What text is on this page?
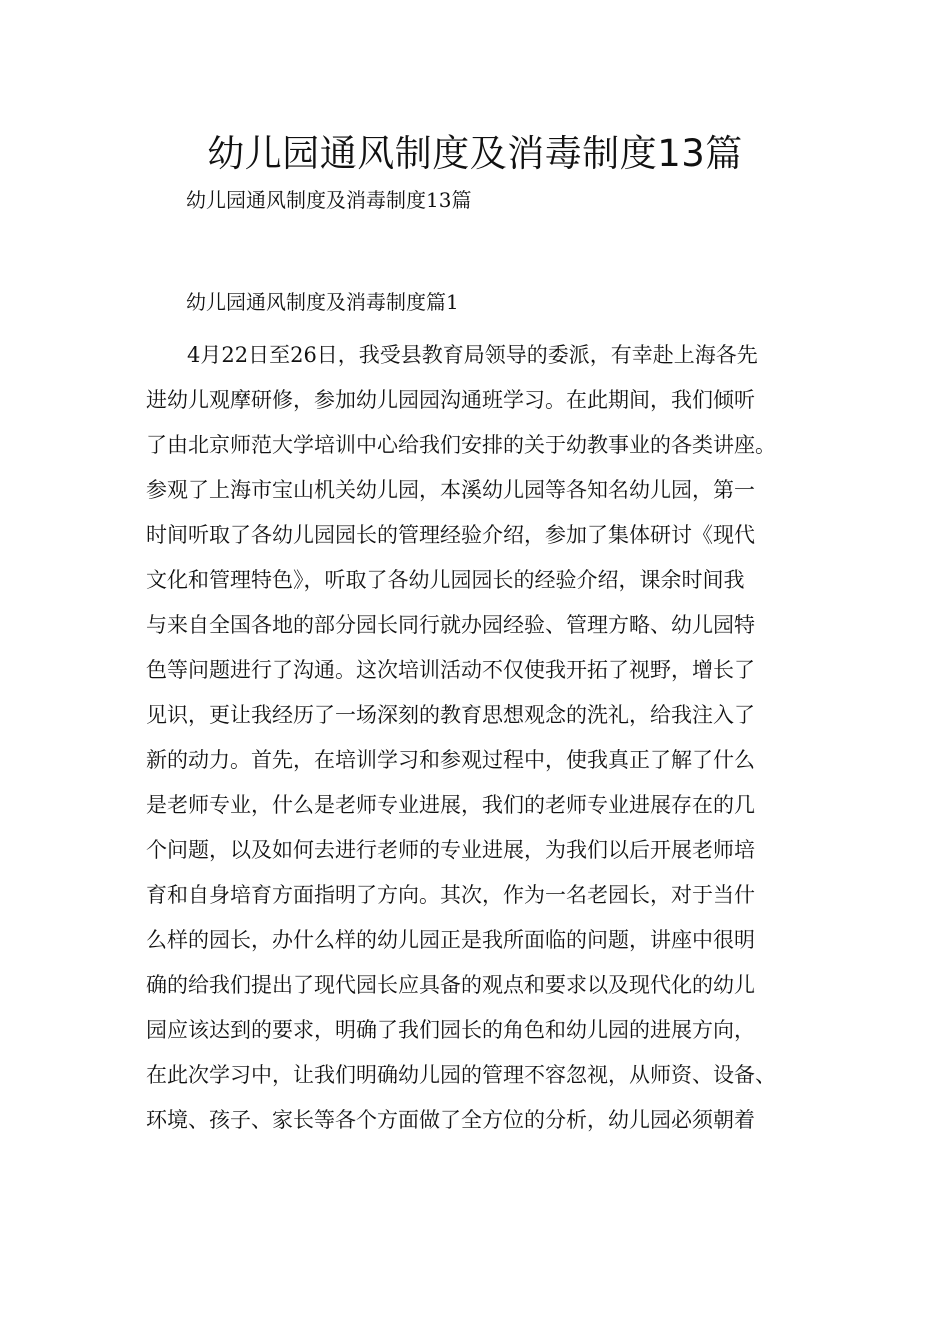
幼儿园通风制度及消毒制度13篇

幼儿园通风制度及消毒制度13篇

幼儿园通风制度及消毒制度篇1

4月22日至26日，我受县教育局领导的委派，有幸赴上海各先
进幼儿观摩研修，参加幼儿园园沟通班学习。在此期间，我们倾听
了由北京师范大学培训中心给我们安排的关于幼教事业的各类讲座。
参观了上海市宝山机关幼儿园，本溪幼儿园等各知名幼儿园，第一
时间听取了各幼儿园园长的管理经验介绍，参加了集体研讨《现代
文化和管理特色》，听取了各幼儿园园长的经验介绍，课余时间我
与来自全国各地的部分园长同行就办园经验、管理方略、幼儿园特
色等问题进行了沟通。这次培训活动不仅使我开拓了视野，增长了
见识，更让我经历了一场深刻的教育思想观念的洗礼，给我注入了
新的动力。首先，在培训学习和参观过程中，使我真正了解了什么
是老师专业，什么是老师专业进展，我们的老师专业进展存在的几
个问题，以及如何去进行老师的专业进展，为我们以后开展老师培
育和自身培育方面指明了方向。其次，作为一名老园长，对于当什
么样的园长，办什么样的幼儿园正是我所面临的问题，讲座中很明
确的给我们提出了现代园长应具备的观点和要求以及现代化的幼儿
园应该达到的要求，明确了我们园长的角色和幼儿园的进展方向，
在此次学习中，让我们明确幼儿园的管理不容忽视，从师资、设备、
环境、孩子、家长等各个方面做了全方位的分析，幼儿园必须朝着
